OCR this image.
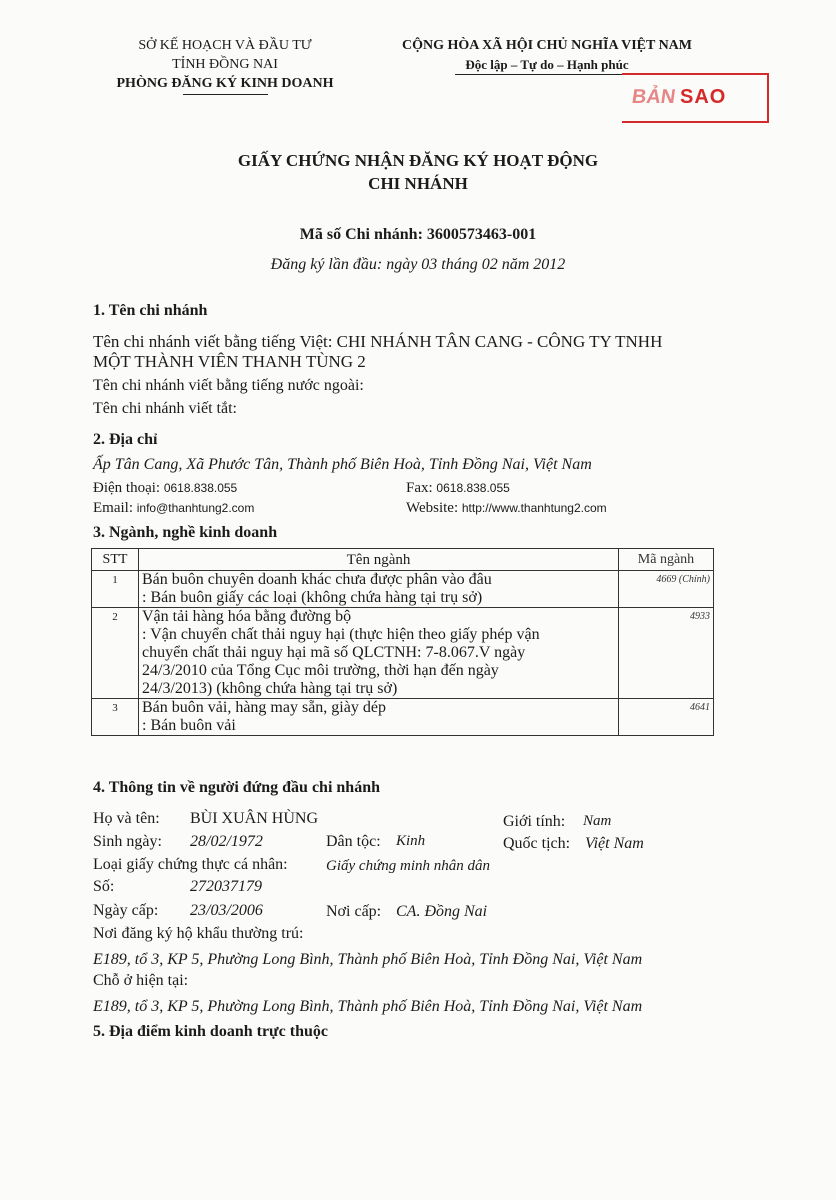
SỞ KẾ HOẠCH VÀ ĐẦU TƯ
TỈNH ĐỒNG NAI
PHÒNG ĐĂNG KÝ KINH DOANH
CỘNG HÒA XÃ HỘI CHỦ NGHĨA VIỆT NAM
Độc lập – Tự do – Hạnh phúc
BẢN SAO
GIẤY CHỨNG NHẬN ĐĂNG KÝ HOẠT ĐỘNG
CHI NHÁNH
Mã số Chi nhánh: 3600573463-001
Đăng ký lần đầu: ngày 03 tháng 02 năm 2012
1. Tên chi nhánh
Tên chi nhánh viết bằng tiếng Việt: CHI NHÁNH TÂN CANG - CÔNG TY TNHH
MỘT THÀNH VIÊN THANH TÙNG 2
Tên chi nhánh viết bằng tiếng nước ngoài:
Tên chi nhánh viết tắt:
2. Địa chỉ
Ấp Tân Cang, Xã Phước Tân, Thành phố Biên Hoà, Tỉnh Đồng Nai, Việt Nam
Điện thoại: 0618.838.055	Fax: 0618.838.055
Email: info@thanhtung2.com	Website: http://www.thanhtung2.com
3. Ngành, nghề kinh doanh
STT	Tên ngành	Mã ngành
1	Bán buôn chuyên doanh khác chưa được phân vào đâu
: Bán buôn giấy các loại (không chứa hàng tại trụ sở)	4669 (Chính)
2	Vận tải hàng hóa bằng đường bộ
: Vận chuyển chất thải nguy hại (thực hiện theo giấy phép vận
chuyển chất thải nguy hại mã số QLCTNH: 7-8.067.V ngày
24/3/2010 của Tổng Cục môi trường, thời hạn đến ngày
24/3/2013) (không chứa hàng tại trụ sở)	4933
3	Bán buôn vải, hàng may sẵn, giày dép
: Bán buôn vải	4641
4. Thông tin về người đứng đầu chi nhánh
Họ và tên: BÙI XUÂN HÙNG	Giới tính: Nam
Sinh ngày: 28/02/1972	Dân tộc: Kinh	Quốc tịch: Việt Nam
Loại giấy chứng thực cá nhân:	Giấy chứng minh nhân dân
Số:	272037179
Ngày cấp: 23/03/2006	Nơi cấp: CA. Đồng Nai
Nơi đăng ký hộ khẩu thường trú:
E189, tổ 3, KP 5, Phường Long Bình, Thành phố Biên Hoà, Tỉnh Đồng Nai, Việt Nam
Chỗ ở hiện tại:
E189, tổ 3, KP 5, Phường Long Bình, Thành phố Biên Hoà, Tỉnh Đồng Nai, Việt Nam
5. Địa điểm kinh doanh trực thuộc
